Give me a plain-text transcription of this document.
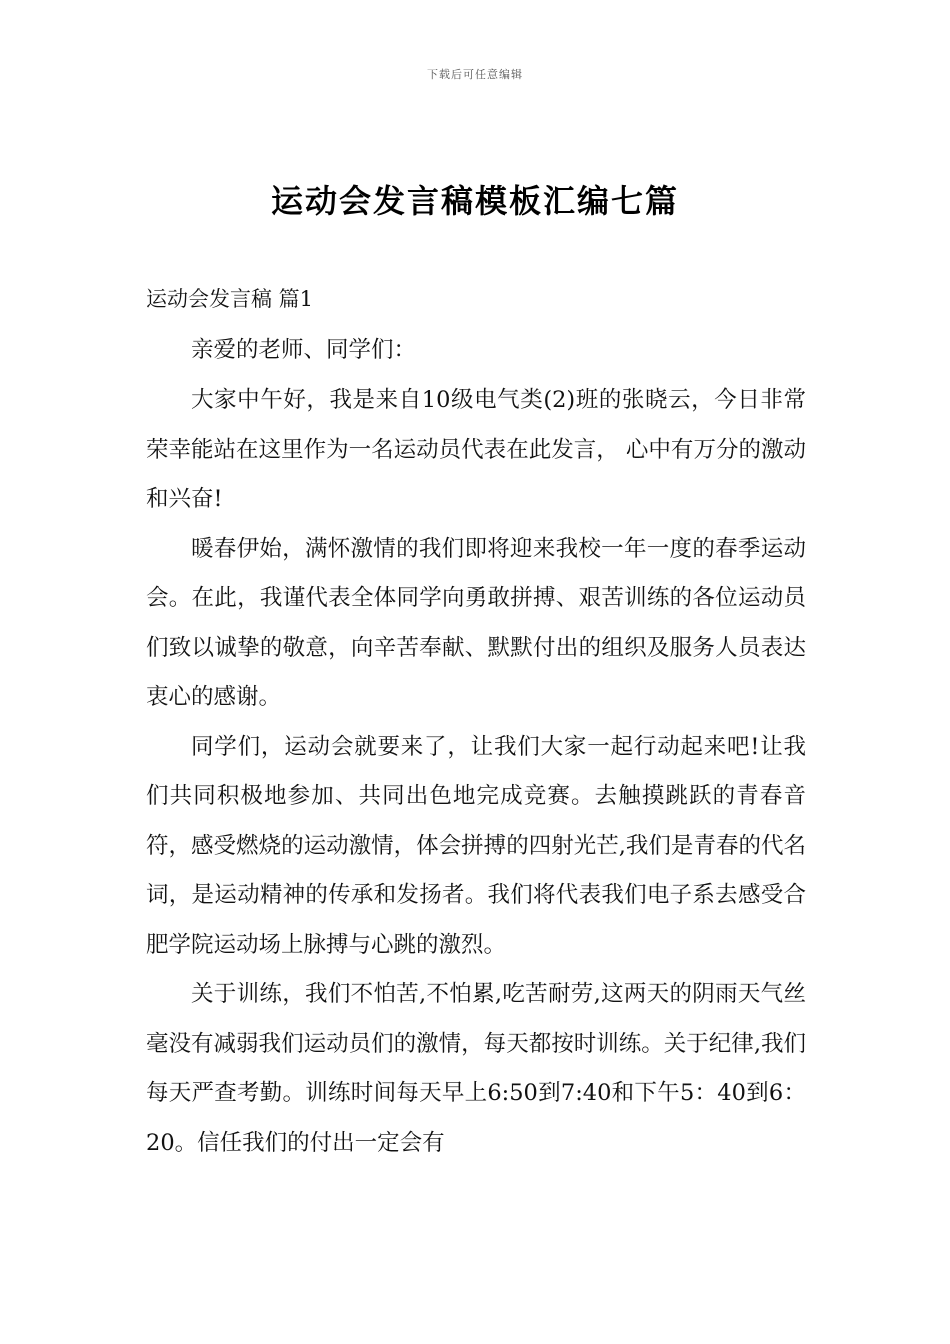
下载后可任意编辑
运动会发言稿模板汇编七篇

运动会发言稿 篇1

亲爱的老师、同学们：

大家中午好，我是来自10级电气类(2)班的张晓云，今日非常荣幸能站在这里作为一名运动员代表在此发言， 心中有万分的激动和兴奋!

暖春伊始，满怀激情的我们即将迎来我校一年一度的春季运动会。在此，我谨代表全体同学向勇敢拼搏、艰苦训练的各位运动员们致以诚挚的敬意，向辛苦奉献、默默付出的组织及服务人员表达衷心的感谢。

同学们，运动会就要来了，让我们大家一起行动起来吧!让我们共同积极地参加、共同出色地完成竞赛。去触摸跳跃的青春音符，感受燃烧的运动激情，体会拼搏的四射光芒,我们是青春的代名词，是运动精神的传承和发扬者。我们将代表我们电子系去感受合肥学院运动场上脉搏与心跳的激烈。

关于训练，我们不怕苦,不怕累,吃苦耐劳,这两天的阴雨天气丝毫没有减弱我们运动员们的激情，每天都按时训练。关于纪律,我们每天严查考勤。训练时间每天早上6:50到7:40和下午5：40到6：20。信任我们的付出一定会有
